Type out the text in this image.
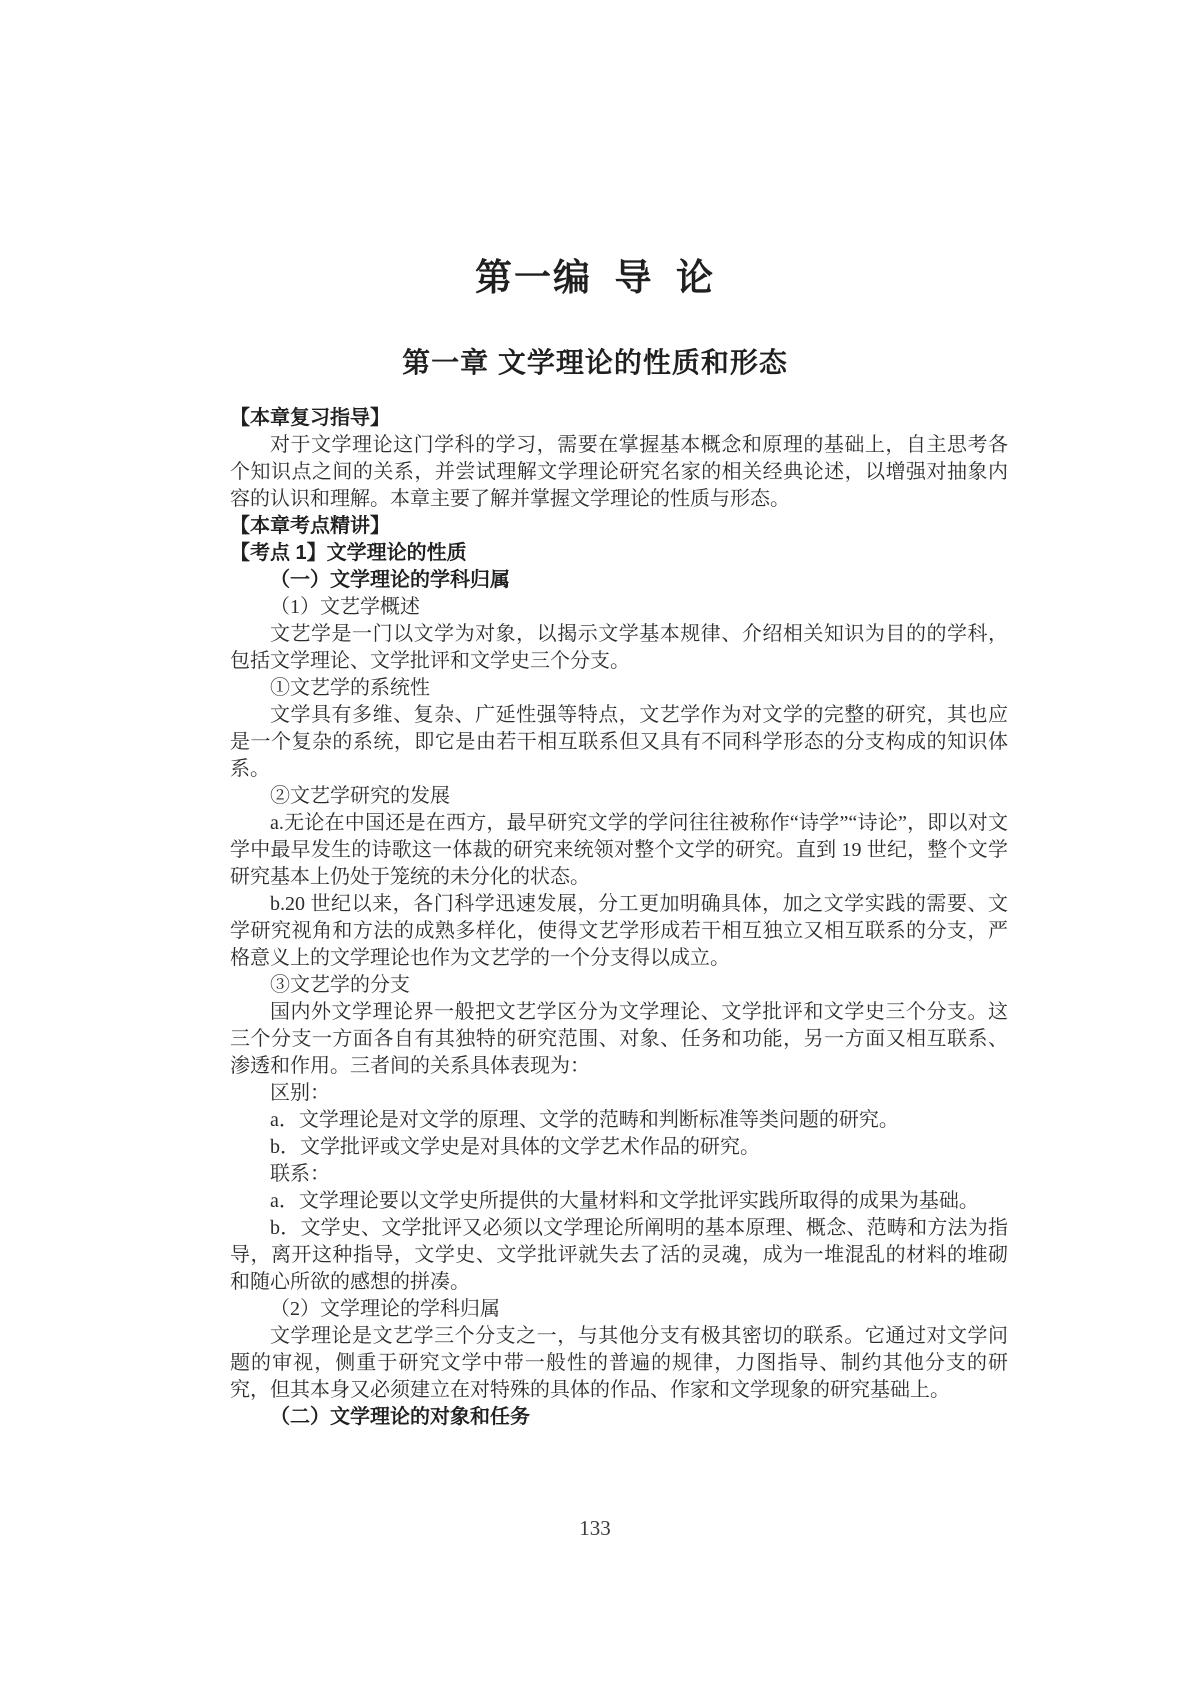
第一编  导  论
第一章 文学理论的性质和形态

【本章复习指导】

对于文学理论这门学科的学习，需要在掌握基本概念和原理的基础上，自主思考各个知识点之间的关系，并尝试理解文学理论研究名家的相关经典论述，以增强对抽象内容的认识和理解。本章主要了解并掌握文学理论的性质与形态。

【本章考点精讲】

【考点 1】文学理论的性质

（一）文学理论的学科归属

（1）文艺学概述

文艺学是一门以文学为对象，以揭示文学基本规律、介绍相关知识为目的的学科，包括文学理论、文学批评和文学史三个分支。

①文艺学的系统性

文学具有多维、复杂、广延性强等特点，文艺学作为对文学的完整的研究，其也应是一个复杂的系统，即它是由若干相互联系但又具有不同科学形态的分支构成的知识体系。

②文艺学研究的发展

a.无论在中国还是在西方，最早研究文学的学问往往被称作“诗学”“诗论”，即以对文学中最早发生的诗歌这一体裁的研究来统领对整个文学的研究。直到 19 世纪，整个文学研究基本上仍处于笼统的未分化的状态。

b.20 世纪以来，各门科学迅速发展，分工更加明确具体，加之文学实践的需要、文学研究视角和方法的成熟多样化，使得文艺学形成若干相互独立又相互联系的分支，严格意义上的文学理论也作为文艺学的一个分支得以成立。

③文艺学的分支

国内外文学理论界一般把文艺学区分为文学理论、文学批评和文学史三个分支。这三个分支一方面各自有其独特的研究范围、对象、任务和功能，另一方面又相互联系、渗透和作用。三者间的关系具体表现为：

区别：

a．文学理论是对文学的原理、文学的范畴和判断标准等类问题的研究。

b．文学批评或文学史是对具体的文学艺术作品的研究。

联系：

a．文学理论要以文学史所提供的大量材料和文学批评实践所取得的成果为基础。

b．文学史、文学批评又必须以文学理论所阐明的基本原理、概念、范畴和方法为指导，离开这种指导，文学史、文学批评就失去了活的灵魂，成为一堆混乱的材料的堆砌和随心所欲的感想的拼凑。

（2）文学理论的学科归属

文学理论是文艺学三个分支之一，与其他分支有极其密切的联系。它通过对文学问题的审视，侧重于研究文学中带一般性的普遍的规律，力图指导、制约其他分支的研究，但其本身又必须建立在对特殊的具体的作品、作家和文学现象的研究基础上。

（二）文学理论的对象和任务

133
